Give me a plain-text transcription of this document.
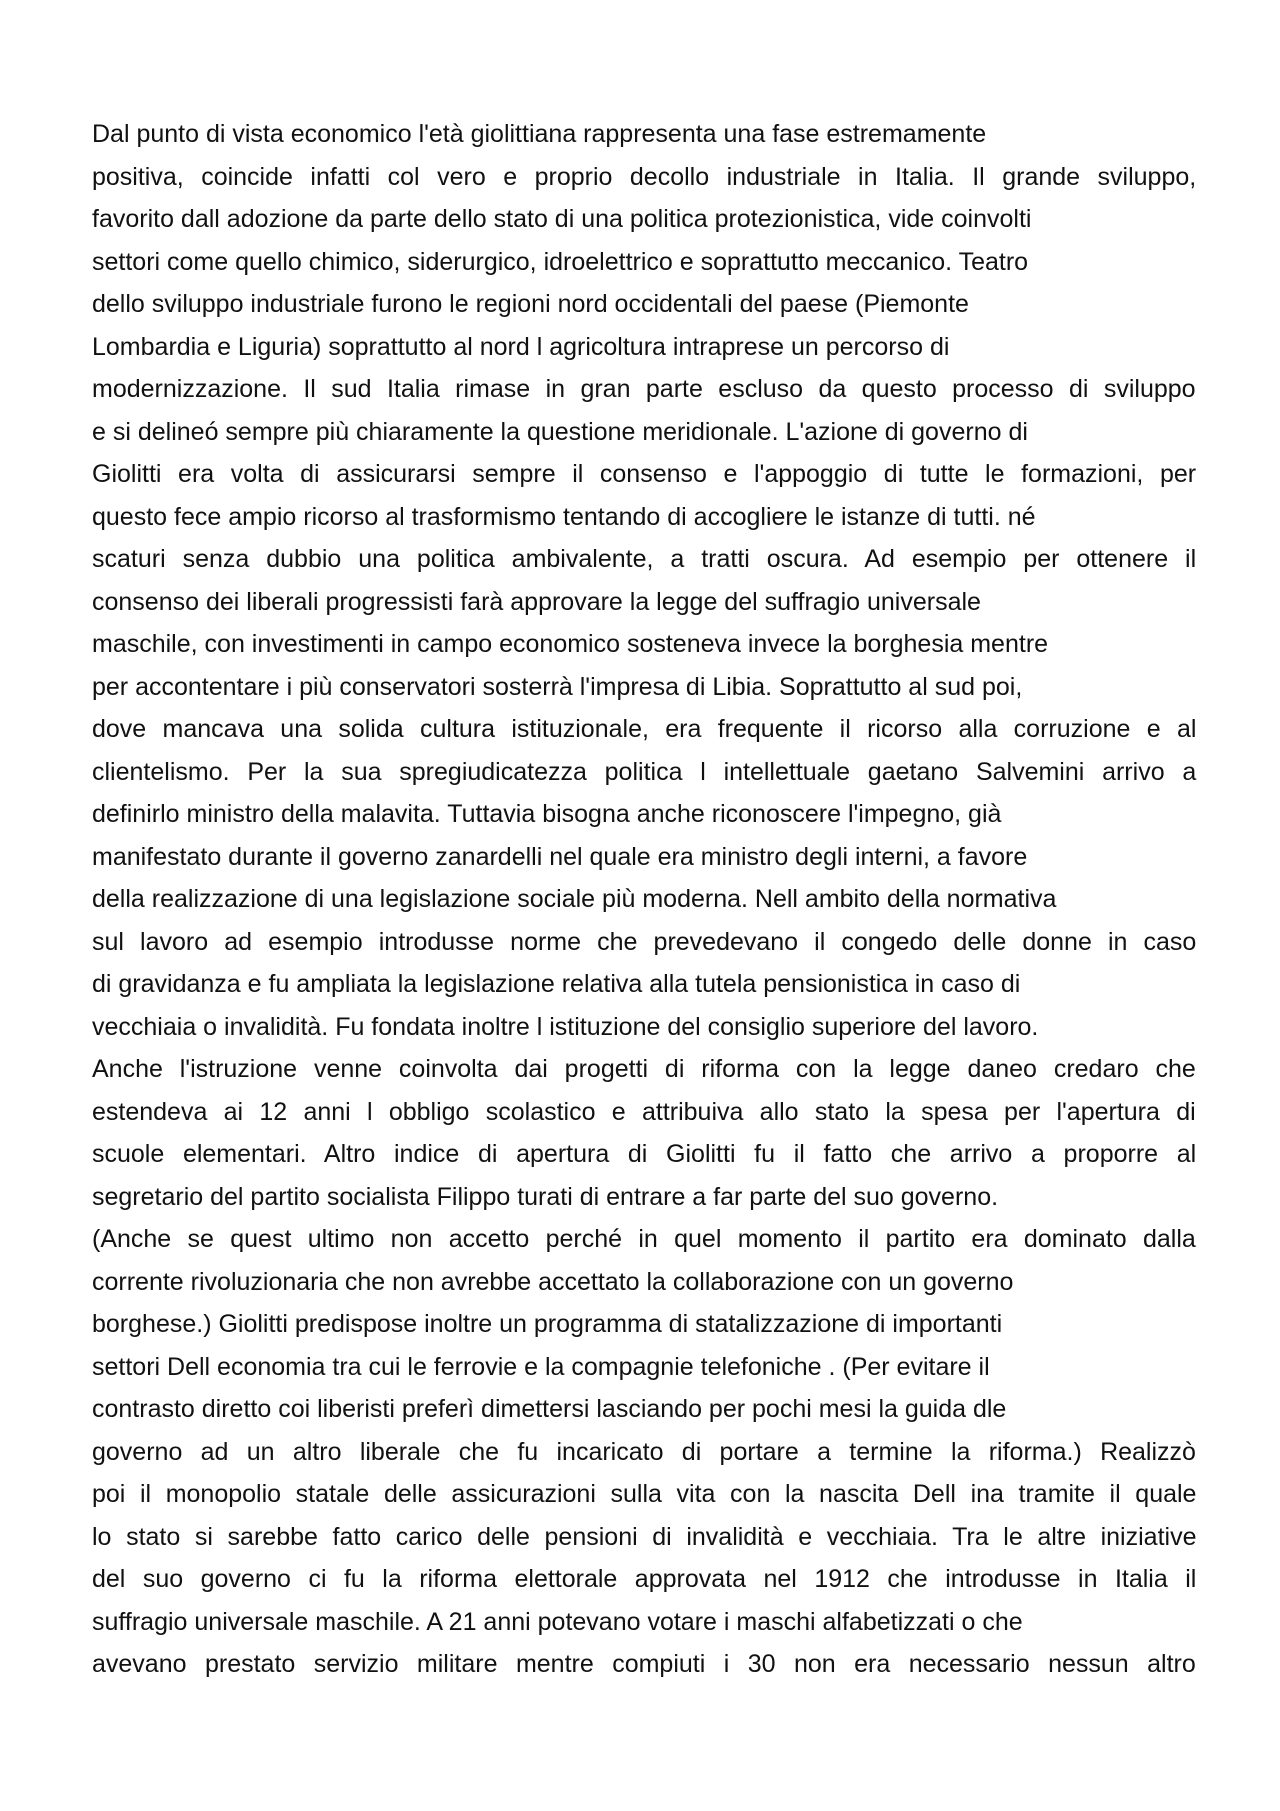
Dal punto di vista economico l'età giolittiana rappresenta una fase estremamente
positiva, coincide infatti col vero e proprio decollo industriale in Italia. Il grande sviluppo,
favorito dall adozione da parte dello stato di una politica protezionistica, vide coinvolti
settori come quello chimico, siderurgico, idroelettrico e soprattutto meccanico. Teatro
dello sviluppo industriale furono le regioni nord occidentali del paese (Piemonte
Lombardia e Liguria) soprattutto al nord l agricoltura intraprese un percorso di
modernizzazione. Il sud Italia rimase in gran parte escluso da questo processo di sviluppo
e si delineó sempre più chiaramente la questione meridionale. L'azione di governo di
Giolitti era volta di assicurarsi sempre il consenso e l'appoggio di tutte le formazioni, per
questo fece ampio ricorso al trasformismo tentando di accogliere le istanze di tutti. né
scaturi senza dubbio una politica ambivalente, a tratti oscura. Ad esempio per ottenere il
consenso dei liberali progressisti farà approvare la legge del suffragio universale
maschile, con investimenti in campo economico sosteneva invece la borghesia mentre
per accontentare i più conservatori sosterrà l'impresa di Libia. Soprattutto al sud poi,
dove mancava una solida cultura istituzionale, era frequente il ricorso alla corruzione e al
clientelismo. Per la sua spregiudicatezza politica l intellettuale gaetano Salvemini arrivo a
definirlo ministro della malavita. Tuttavia bisogna anche riconoscere l'impegno, già
manifestato durante il governo zanardelli nel quale era ministro degli interni, a favore
della realizzazione di una legislazione sociale più moderna. Nell ambito della normativa
sul lavoro ad esempio introdusse norme che prevedevano il congedo delle donne in caso
di gravidanza e fu ampliata la legislazione relativa alla tutela pensionistica in caso di
vecchiaia o invalidità. Fu fondata inoltre l istituzione del consiglio superiore del lavoro.
Anche l'istruzione venne coinvolta dai progetti di riforma con la legge daneo credaro che
estendeva ai 12 anni l obbligo scolastico e attribuiva allo stato la spesa per l'apertura di
scuole elementari. Altro indice di apertura di Giolitti fu il fatto che arrivo a proporre al
segretario del partito socialista Filippo turati di entrare a far parte del suo governo.
(Anche se quest ultimo non accetto perché in quel momento il partito era dominato dalla
corrente rivoluzionaria che non avrebbe accettato la collaborazione con un governo
borghese.) Giolitti predispose inoltre un programma di statalizzazione di importanti
settori Dell economia tra cui le ferrovie e la compagnie telefoniche . (Per evitare il
contrasto diretto coi liberisti preferì dimettersi lasciando per pochi mesi la guida dle
governo ad un altro liberale che fu incaricato di portare a termine la riforma.) Realizzò
poi il monopolio statale delle assicurazioni sulla vita con la nascita Dell ina tramite il quale
lo stato si sarebbe fatto carico delle pensioni di invalidità e vecchiaia. Tra le altre iniziative
del suo governo ci fu la riforma elettorale approvata nel 1912 che introdusse in Italia il
suffragio universale maschile. A 21 anni potevano votare i maschi alfabetizzati o che
avevano prestato servizio militare mentre compiuti i 30 non era necessario nessun altro
